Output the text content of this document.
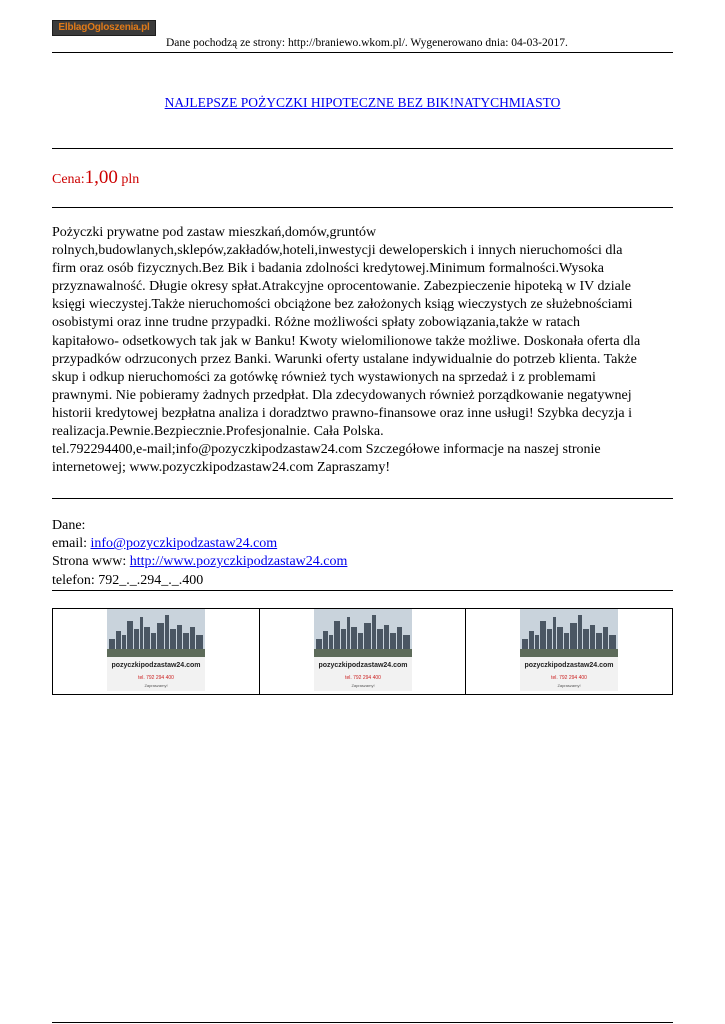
ElblagOgloszenia.pl
Dane pochodzą ze strony: http://braniewo.wkom.pl/. Wygenerowano dnia: 04-03-2017.
NAJLEPSZE POŻYCZKI HIPOTECZNE BEZ BIK!NATYCHMIASTO
Cena:1,00 pln

Pożyczki prywatne pod zastaw mieszkań,domów,gruntów

rolnych,budowlanych,sklepów,zakładów,hoteli,inwestycji deweloperskich i innych nieruchomości dla

firm oraz osób fizycznych.Bez Bik i badania zdolności kredytowej.Minimum formalności.Wysoka

przyznawalność. Długie okresy spłat.Atrakcyjne oprocentowanie. Zabezpieczenie hipoteką w IV dziale

księgi wieczystej.Także nieruchomości obciążone bez założonych ksiąg wieczystych ze służebnościami

osobistymi oraz inne trudne przypadki. Różne możliwości spłaty zobowiązania,także w ratach

kapitałowo- odsetkowych tak jak w Banku! Kwoty wielomilionowe także możliwe. Doskonała oferta dla

przypadków odrzuconych przez Banki. Warunki oferty ustalane indywidualnie do potrzeb klienta. Także

skup i odkup nieruchomości za gotówkę również tych wystawionych na sprzedaż i z problemami

prawnymi. Nie pobieramy żadnych przedpłat. Dla zdecydowanych również porządkowanie negatywnej

historii kredytowej bezpłatna analiza i doradztwo prawno-finansowe oraz inne usługi! Szybka decyzja i

realizacja.Pewnie.Bezpiecznie.Profesjonalnie. Cała Polska.

tel.792294400,e-mail;info@pozyczkipodzastaw24.com Szczegółowe informacje na naszej stronie

internetowej; www.pozyczkipodzastaw24.com Zapraszamy!

Dane:

email: info@pozyczkipodzastaw24.com

Strona www: http://www.pozyczkipodzastaw24.com

telefon: 792_._.294_._.400

pozyczkipodzastaw24.com
tel. 792 294 400
Zapraszamy!
pozyczkipodzastaw24.com
tel. 792 294 400
Zapraszamy!
pozyczkipodzastaw24.com
tel. 792 294 400
Zapraszamy!
